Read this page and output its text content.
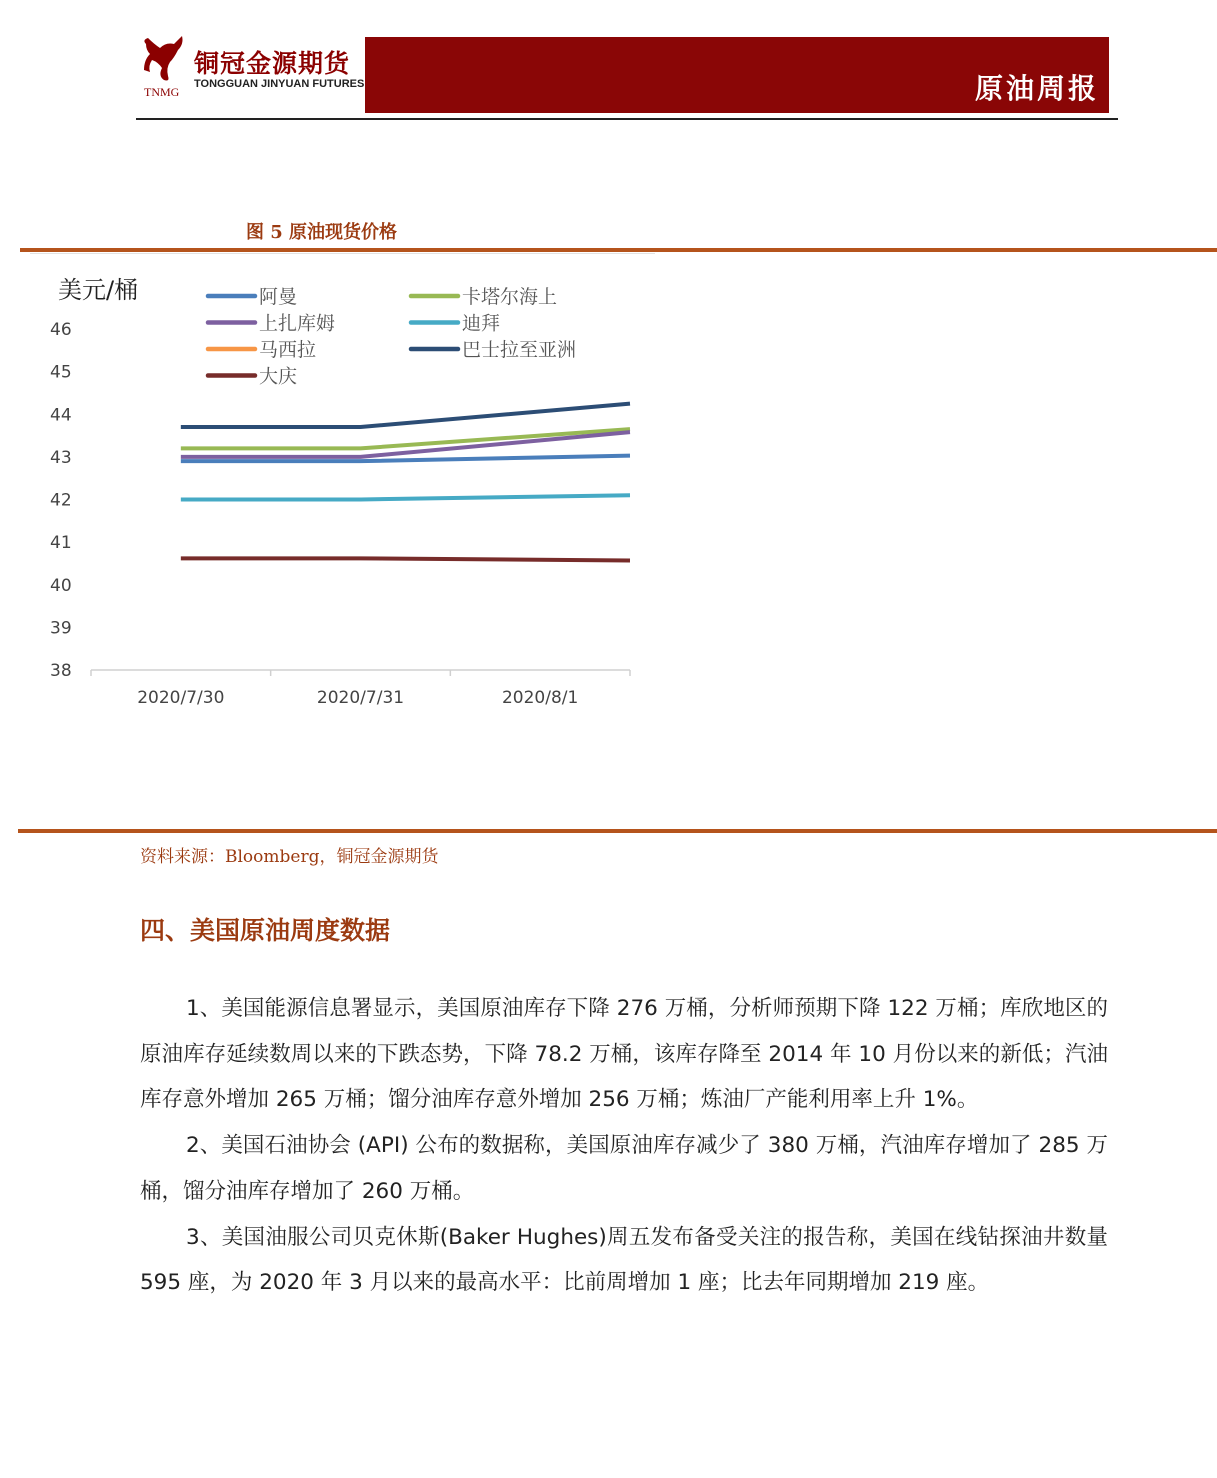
铜冠金源期货
TONGGUAN JINYUAN FUTURES
TNMG	原油周报
图 5 原油现货价格
美元/桶
38
39
40
41
42
43
44
45
46
2020/7/30	2020/7/31	2020/8/1
阿曼	卡塔尔海上
上扎库姆	迪拜
马西拉	巴士拉至亚洲
大庆
资料来源：Bloomberg，铜冠金源期货
四、美国原油周度数据

1、美国能源信息署显示，美国原油库存下降 276 万桶，分析师预期下降 122 万桶；库欣地区的原油库存延续数周以来的下跌态势，下降 78.2 万桶，该库存降至 2014 年 10 月份以来的新低；汽油库存意外增加 265 万桶；馏分油库存意外增加 256 万桶；炼油厂产能利用率上升 1%。

2、美国石油协会 (API) 公布的数据称，美国原油库存减少了 380 万桶，汽油库存增加了 285 万桶，馏分油库存增加了 260 万桶。

3、美国油服公司贝克休斯(Baker Hughes)周五发布备受关注的报告称，美国在线钻探油井数量 595 座，为 2020 年 3 月以来的最高水平：比前周增加 1 座；比去年同期增加 219 座。
